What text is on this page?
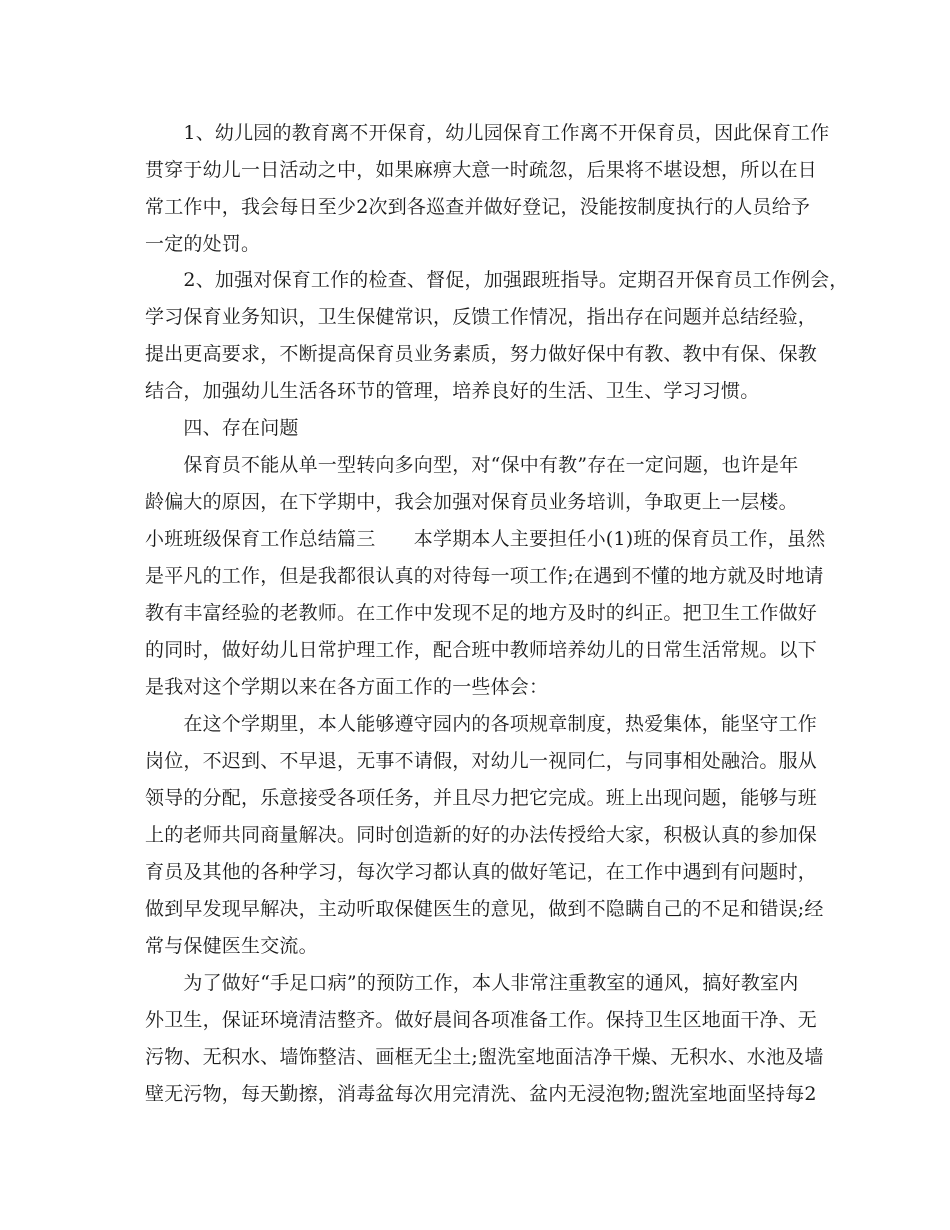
　　1、幼儿园的教育离不开保育，幼儿园保育工作离不开保育员，因此保育工作
贯穿于幼儿一日活动之中，如果麻痹大意一时疏忽，后果将不堪设想，所以在日
常工作中，我会每日至少2次到各巡查并做好登记，没能按制度执行的人员给予
一定的处罚。
　　2、加强对保育工作的检查、督促，加强跟班指导。定期召开保育员工作例会，
学习保育业务知识，卫生保健常识，反馈工作情况，指出存在问题并总结经验，
提出更高要求，不断提高保育员业务素质，努力做好保中有教、教中有保、保教
结合，加强幼儿生活各环节的管理，培养良好的生活、卫生、学习习惯。
　　四、存在问题
　　保育员不能从单一型转向多向型，对“保中有教”存在一定问题，也许是年
龄偏大的原因，在下学期中，我会加强对保育员业务培训，争取更上一层楼。
小班班级保育工作总结篇三　　本学期本人主要担任小(1)班的保育员工作，虽然
是平凡的工作，但是我都很认真的对待每一项工作;在遇到不懂的地方就及时地请
教有丰富经验的老教师。在工作中发现不足的地方及时的纠正。把卫生工作做好
的同时，做好幼儿日常护理工作，配合班中教师培养幼儿的日常生活常规。以下
是我对这个学期以来在各方面工作的一些体会：
　　在这个学期里，本人能够遵守园内的各项规章制度，热爱集体，能坚守工作
岗位，不迟到、不早退，无事不请假，对幼儿一视同仁，与同事相处融洽。服从
领导的分配，乐意接受各项任务，并且尽力把它完成。班上出现问题，能够与班
上的老师共同商量解决。同时创造新的好的办法传授给大家，积极认真的参加保
育员及其他的各种学习，每次学习都认真的做好笔记，在工作中遇到有问题时，
做到早发现早解决，主动听取保健医生的意见，做到不隐瞒自己的不足和错误;经
常与保健医生交流。
　　为了做好“手足口病”的预防工作，本人非常注重教室的通风，搞好教室内
外卫生，保证环境清洁整齐。做好晨间各项准备工作。保持卫生区地面干净、无
污物、无积水、墙饰整洁、画框无尘土;盥洗室地面洁净干燥、无积水、水池及墙
壁无污物，每天勤擦，消毒盆每次用完清洗、盆内无浸泡物;盥洗室地面坚持每2
